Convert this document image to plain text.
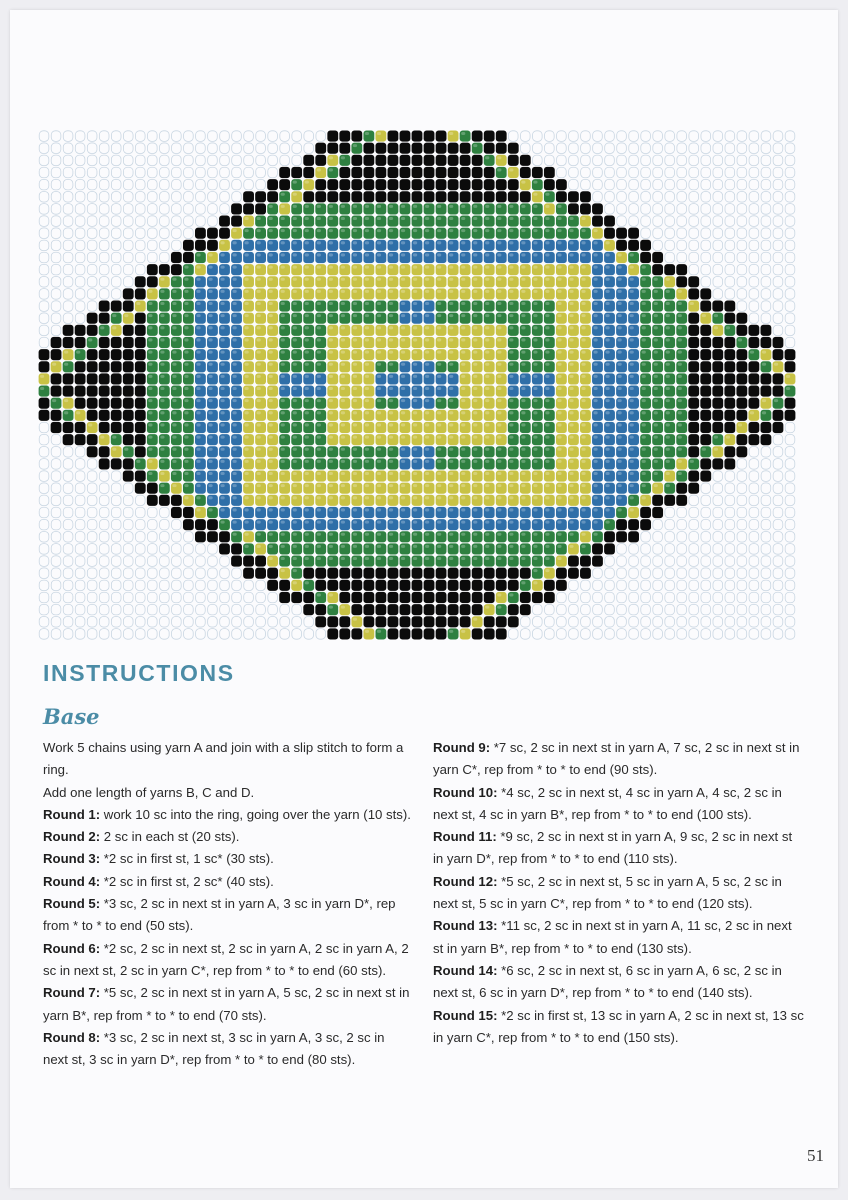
INSTRUCTIONS
Base

Work 5 chains using yarn A and join with a slip stitch to form a ring.

Add one length of yarns B, C and D.

Round 1: work 10 sc into the ring, going over the yarn (10 sts).

Round 2: 2 sc in each st (20 sts).

Round 3: *2 sc in first st, 1 sc* (30 sts).

Round 4: *2 sc in first st, 2 sc* (40 sts).

Round 5: *3 sc, 2 sc in next st in yarn A, 3 sc in yarn D*, rep from * to * to end (50 sts).

Round 6: *2 sc, 2 sc in next st, 2 sc in yarn A, 2 sc in yarn A, 2 sc in next st, 2 sc in yarn C*, rep from * to * to end (60 sts).

Round 7: *5 sc, 2 sc in next st in yarn A, 5 sc, 2 sc in next st in yarn B*, rep from * to * to end (70 sts).

Round 8: *3 sc, 2 sc in next st, 3 sc in yarn A, 3 sc, 2 sc in next st, 3 sc in yarn D*, rep from * to * to end (80 sts).

Round 9: *7 sc, 2 sc in next st in yarn A, 7 sc, 2 sc in next st in yarn C*, rep from * to * to end (90 sts).

Round 10: *4 sc, 2 sc in next st, 4 sc in yarn A, 4 sc, 2 sc in next st, 4 sc in yarn B*, rep from * to * to end (100 sts).

Round 11: *9 sc, 2 sc in next st in yarn A, 9 sc, 2 sc in next st in yarn D*, rep from * to * to end (110 sts).

Round 12: *5 sc, 2 sc in next st, 5 sc in yarn A, 5 sc, 2 sc in next st, 5 sc in yarn C*, rep from * to * to end (120 sts).

Round 13: *11 sc, 2 sc in next st in yarn A, 11 sc, 2 sc in next st in yarn B*, rep from * to * to end (130 sts).

Round 14: *6 sc, 2 sc in next st, 6 sc in yarn A, 6 sc, 2 sc in next st, 6 sc in yarn D*, rep from * to * to end (140 sts).

Round 15: *2 sc in first st, 13 sc in yarn A, 2 sc in next st, 13 sc in yarn C*, rep from * to * to end (150 sts).

51
